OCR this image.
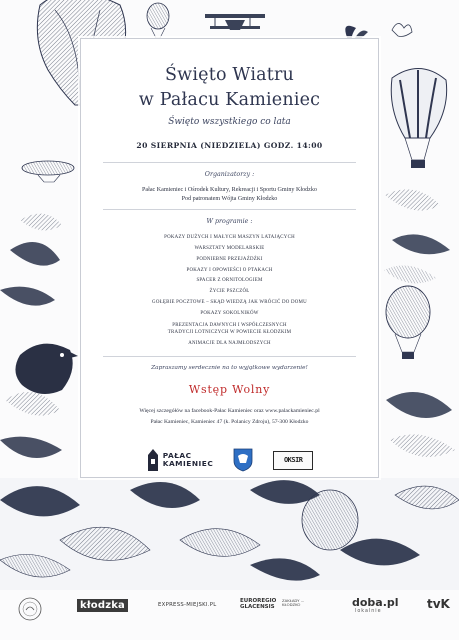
Święto Wiatru
w Pałacu Kamieniec
Święto wszystkiego co lata
20 SIERPNIA (NIEDZIELA) GODZ. 14:00
Organizatorzy :
Pałac Kamieniec i Ośrodek Kultury, Rekreacji i Sportu Gminy Kłodzko
Pod patronatem Wójta Gminy Kłodzko
W programie :
POKAZY DUŻYCH I MAŁYCH MASZYN LATAJĄCYCH
WARSZTATY MODELARSKIE
PODNIEBNE PRZEJAŻDŻKI
POKAZY I OPOWIEŚCI O PTAKACH
SPACER Z ORNITOLOGIEM
ŻYCIE PSZCZÓŁ
GOŁĘBIE POCZTOWE – SKĄD WIEDZĄ JAK WRÓCIĆ DO DOMU
POKAZY SOKOLNIKÓW
PREZENTACJA DAWNYCH I WSPÓŁCZESNYCH
TRADYCJI LOTNICZYCH W POWIECIE KŁODZKIM
ANIMACJE DLA NAJMŁODSZYCH
Zapraszamy serdecznie na to wyjątkowe wydarzenie!
Wstęp Wolny
Więcej szczegółów na facebook-Pałac Kamieniec oraz www.palackamieniec.pl
Pałac Kamieniec, Kamieniec 47 (k. Polanicy Zdroju), 57-300 Kłodzko
PAŁAC
KAMIENIEC	OKSIR
kłodzka	EXPRESS-MIEJSKI.PL
EUROREGIO
GLACENSIS
ZAKŁADY ...
KŁODZKO	doba.pl
lokalnie
tvK
